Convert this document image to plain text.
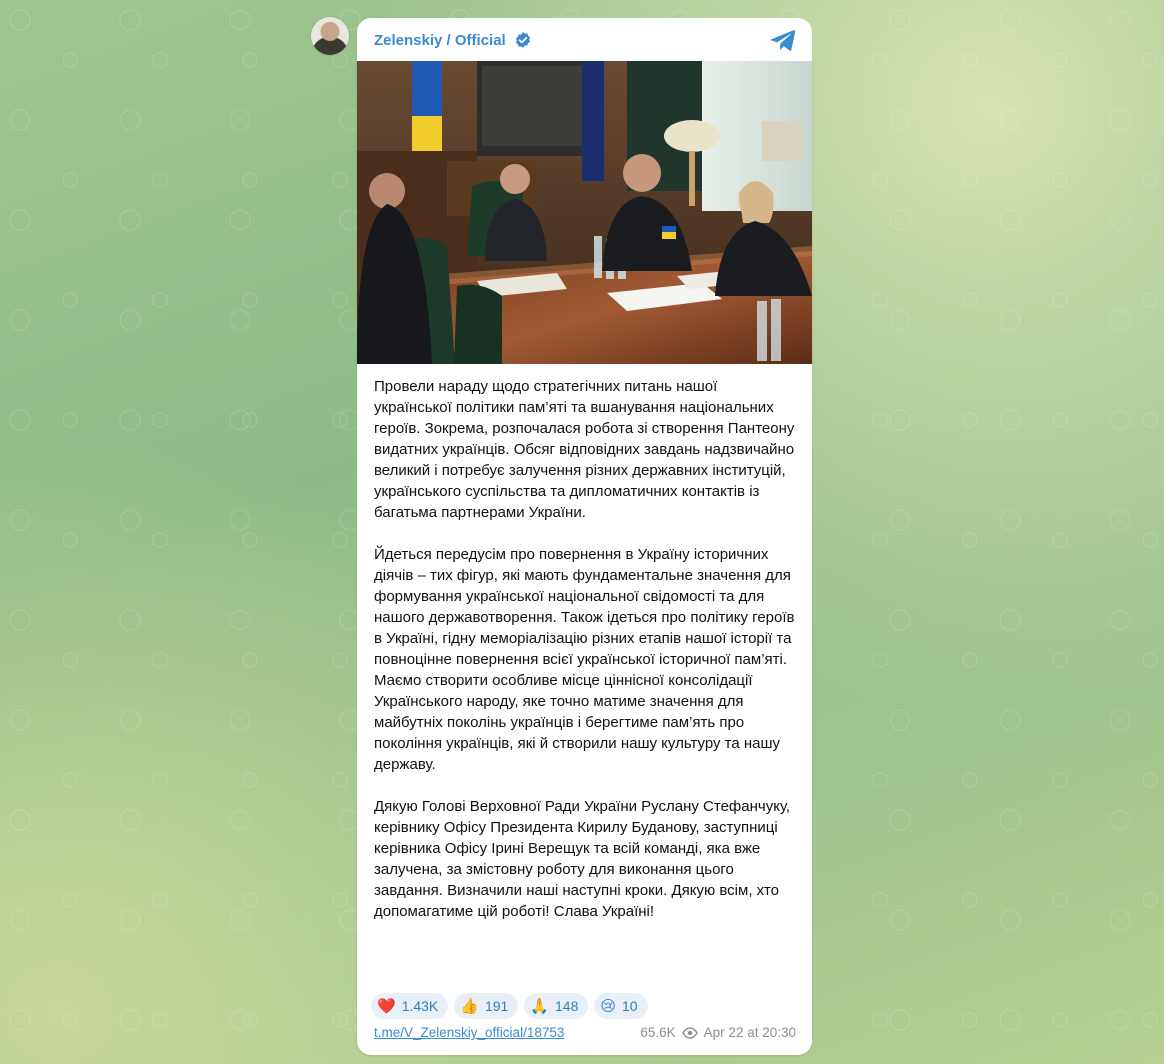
Zelenskiy / Official

Провели нараду щодо стратегічних питань нашої української політики пам’яті та вшанування національних героїв. Зокрема, розпочалася робота зі створення Пантеону видатних українців. Обсяг відповідних завдань надзвичайно великий і потребує залучення різних державних інституцій, українського суспільства та дипломатичних контактів із багатьма партнерами України.

Йдеться передусім про повернення в Україну історичних діячів – тих фігур, які мають фундаментальне значення для формування української національної свідомості та для нашого державотворення. Також ідеться про політику героїв в Україні, гідну меморіалізацію різних етапів нашої історії та повноцінне повернення всієї української історичної пам’яті. Маємо створити особливе місце ціннісної консолідації Українського народу, яке точно матиме значення для майбутніх поколінь українців і берегтиме пам’ять про покоління українців, які й створили нашу культуру та нашу державу.

Дякую Голові Верховної Ради України Руслану Стефанчуку, керівнику Офісу Президента Кирилу Буданову, заступниці керівника Офісу Ірині Верещук та всій команді, яка вже залучена, за змістовну роботу для виконання цього завдання. Визначили наші наступні кроки. Дякую всім, хто допомагатиме цій роботі! Слава Україні!

❤️ 1.43K 👍 191 🙏 148 😢 10
t.me/V_Zelenskiy_official/18753	65.6K Apr 22 at 20:30
